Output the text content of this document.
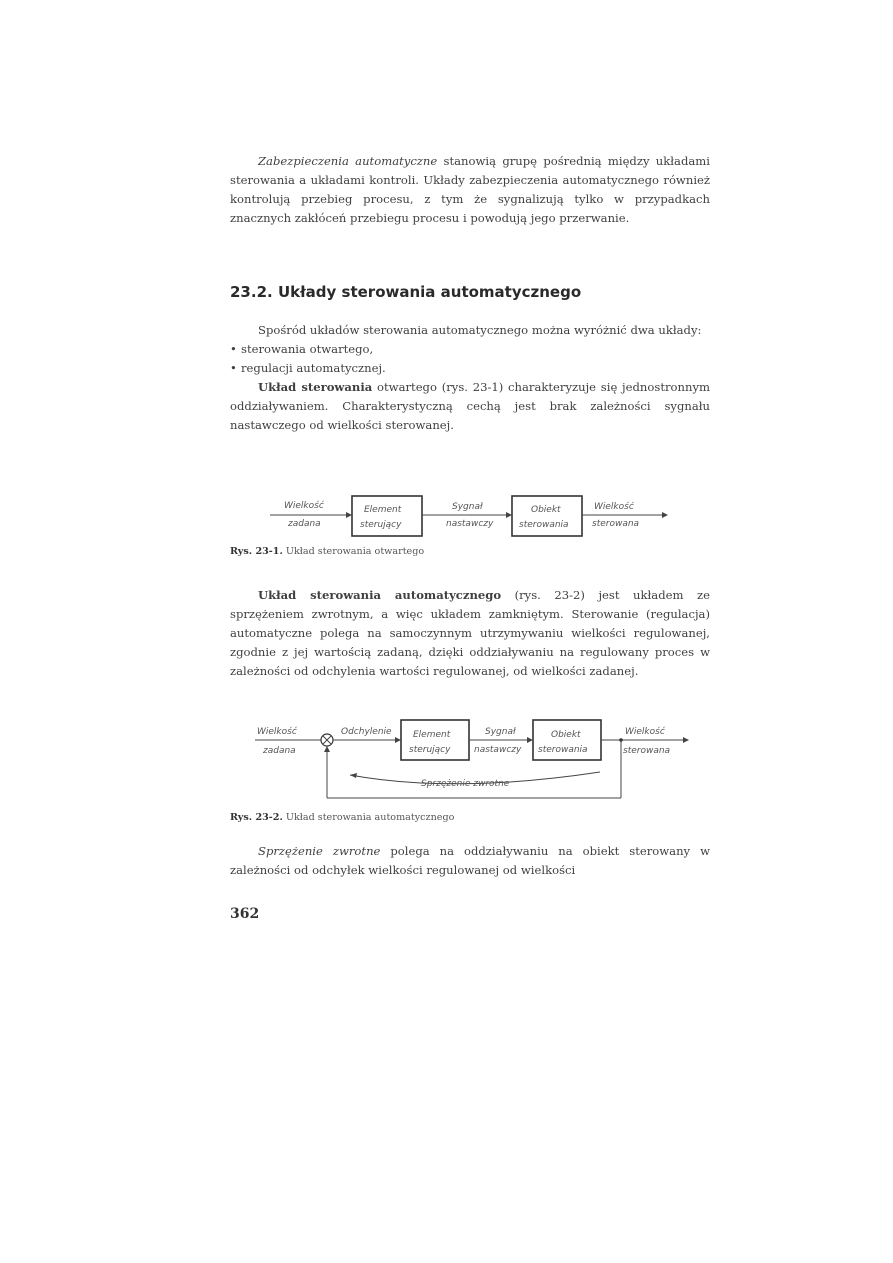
Zabezpieczenia automatyczne stanowią grupę pośrednią między układami sterowania a układami kontroli. Układy zabezpieczenia automatycznego również kontrolują przebieg procesu, z tym że sygnalizują tylko w przypadkach znacznych zakłóceń przebiegu procesu i powodują jego przerwanie.

23.2. Układy sterowania automatycznego

Spośród układów sterowania automatycznego można wyróżnić dwa układy:

• sterowania otwartego,
• regulacji automatycznej.

Układ sterowania otwartego (rys. 23-1) charakteryzuje się jednostronnym oddziaływaniem. Charakterystyczną cechą jest brak zależności sygnału nastawczego od wielkości sterowanej.

Wielkość
zadana
Element
sterujący
Sygnał
nastawczy
Obiekt
sterowania
Wielkość
sterowana
Rys. 23-1. Układ sterowania otwartego

Układ sterowania automatycznego (rys. 23-2) jest układem ze sprzężeniem zwrotnym, a więc układem zamkniętym. Sterowanie (regulacja) automatyczne polega na samoczynnym utrzymywaniu wielkości regulowanej, zgodnie z jej wartością zadaną, dzięki oddziaływaniu na regulowany proces w zależności od odchylenia wartości regulowanej, od wielkości zadanej.

Wielkość
zadana
Odchylenie Element
sterujący
Sygnał
nastawczy
Obiekt
sterowania
Wielkość
sterowana
Sprzężenie zwrotne
Rys. 23-2. Układ sterowania automatycznego

Sprzężenie zwrotne polega na oddziaływaniu na obiekt sterowany w zależności od odchyłek wielkości regulowanej od wielkości

362
